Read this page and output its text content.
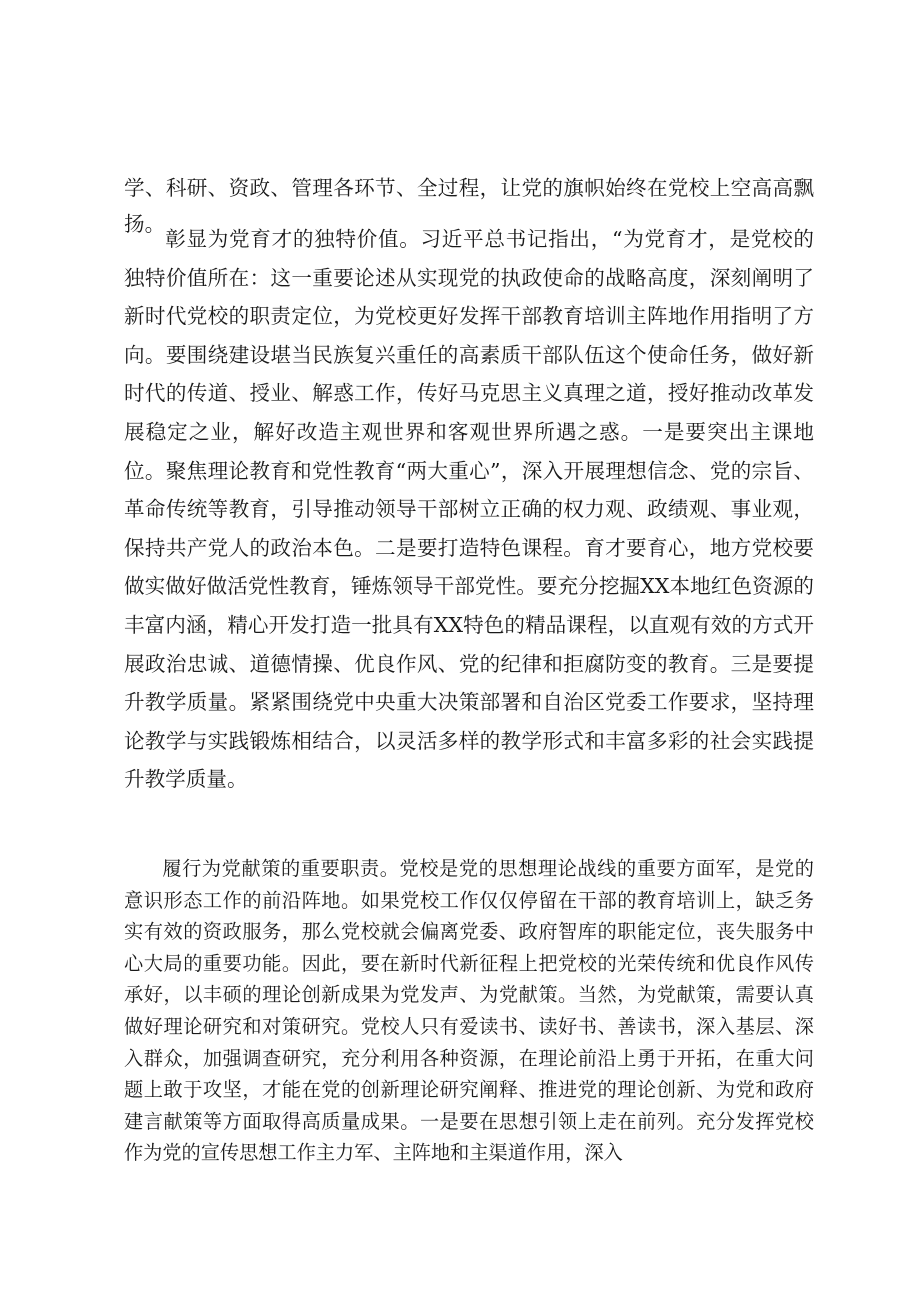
学、科研、资政、管理各环节、全过程，让党的旗帜始终在党校上空高高飘扬。

彰显为党育才的独特价值。习近平总书记指出，“为党育才，是党校的独特价值所在：这一重要论述从实现党的执政使命的战略高度，深刻阐明了新时代党校的职责定位，为党校更好发挥干部教育培训主阵地作用指明了方向。要围绕建设堪当民族复兴重任的高素质干部队伍这个使命任务，做好新时代的传道、授业、解惑工作，传好马克思主义真理之道，授好推动改革发展稳定之业，解好改造主观世界和客观世界所遇之惑。一是要突出主课地位。聚焦理论教育和党性教育“两大重心”，深入开展理想信念、党的宗旨、革命传统等教育，引导推动领导干部树立正确的权力观、政绩观、事业观，保持共产党人的政治本色。二是要打造特色课程。育才要育心，地方党校要做实做好做活党性教育，锤炼领导干部党性。要充分挖掘XX本地红色资源的丰富内涵，精心开发打造一批具有XX特色的精品课程，以直观有效的方式开展政治忠诚、道德情操、优良作风、党的纪律和拒腐防变的教育。三是要提升教学质量。紧紧围绕党中央重大决策部署和自治区党委工作要求，坚持理论教学与实践锻炼相结合，以灵活多样的教学形式和丰富多彩的社会实践提升教学质量。

履行为党献策的重要职责。党校是党的思想理论战线的重要方面军，是党的意识形态工作的前沿阵地。如果党校工作仅仅停留在干部的教育培训上，缺乏务实有效的资政服务，那么党校就会偏离党委、政府智库的职能定位，丧失服务中心大局的重要功能。因此，要在新时代新征程上把党校的光荣传统和优良作风传承好，以丰硕的理论创新成果为党发声、为党献策。当然，为党献策，需要认真做好理论研究和对策研究。党校人只有爱读书、读好书、善读书，深入基层、深入群众，加强调查研究，充分利用各种资源，在理论前沿上勇于开拓，在重大问题上敢于攻坚，才能在党的创新理论研究阐释、推进党的理论创新、为党和政府建言献策等方面取得高质量成果。一是要在思想引领上走在前列。充分发挥党校作为党的宣传思想工作主力军、主阵地和主渠道作用，深入
